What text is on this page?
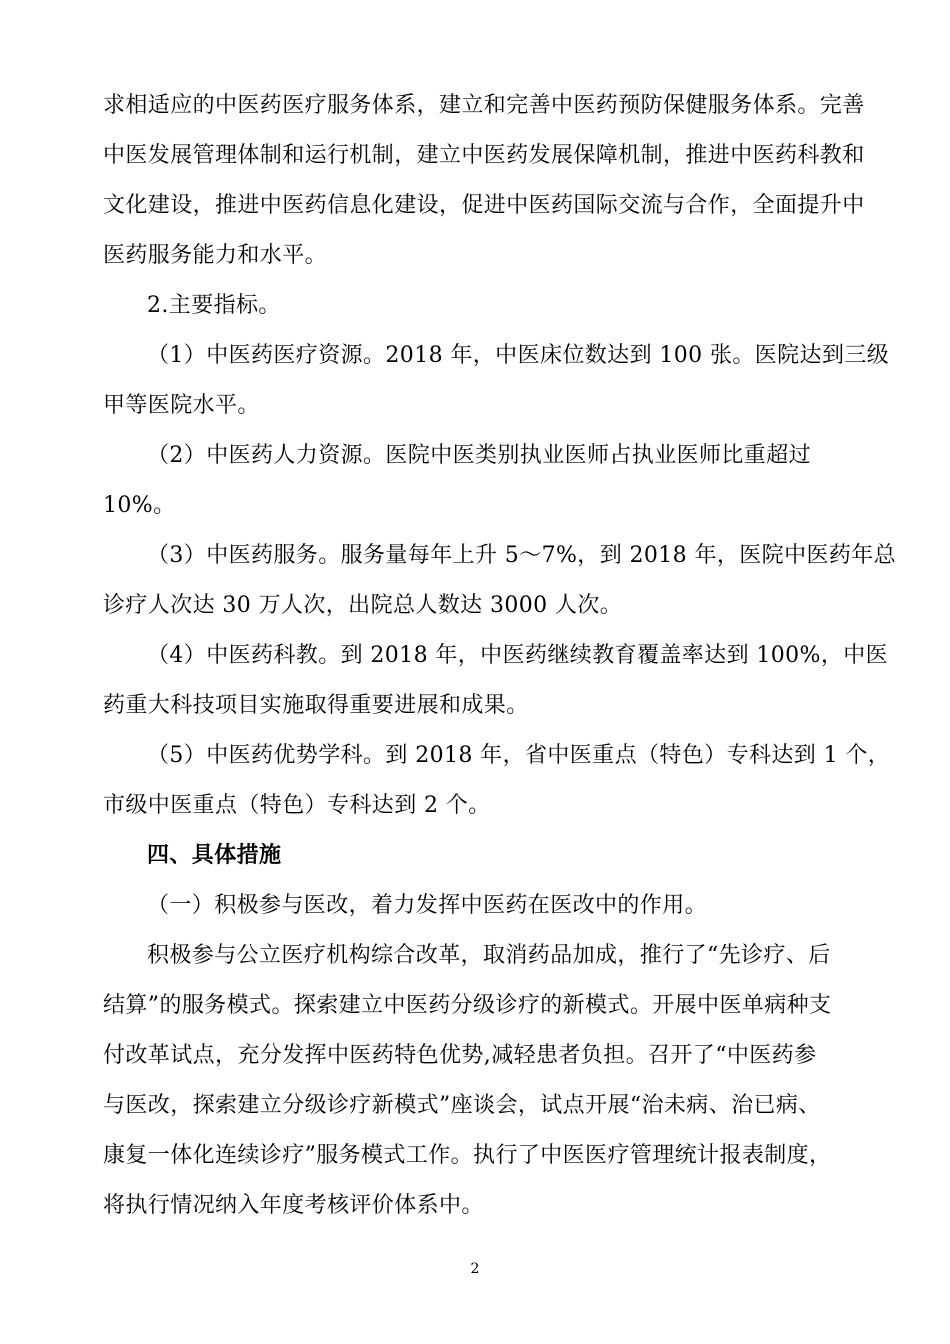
求相适应的中医药医疗服务体系，建立和完善中医药预防保健服务体系。完善
中医发展管理体制和运行机制，建立中医药发展保障机制，推进中医药科教和
文化建设，推进中医药信息化建设，促进中医药国际交流与合作，全面提升中
医药服务能力和水平。
2.主要指标。
（1）中医药医疗资源。2018 年，中医床位数达到 100 张。医院达到三级
甲等医院水平。
（2）中医药人力资源。医院中医类别执业医师占执业医师比重超过
10%。
（3）中医药服务。服务量每年上升 5～7%，到 2018 年，医院中医药年总
诊疗人次达 30 万人次，出院总人数达 3000 人次。
（4）中医药科教。到 2018 年，中医药继续教育覆盖率达到 100%，中医
药重大科技项目实施取得重要进展和成果。
（5）中医药优势学科。到 2018 年，省中医重点（特色）专科达到 1 个，
市级中医重点（特色）专科达到 2 个。
四、具体措施
（一）积极参与医改，着力发挥中医药在医改中的作用。
积极参与公立医疗机构综合改革，取消药品加成，推行了“先诊疗、后
结算”的服务模式。探索建立中医药分级诊疗的新模式。开展中医单病种支
付改革试点，充分发挥中医药特色优势,减轻患者负担。召开了“中医药参
与医改，探索建立分级诊疗新模式”座谈会，试点开展“治未病、治已病、
康复一体化连续诊疗”服务模式工作。执行了中医医疗管理统计报表制度，
将执行情况纳入年度考核评价体系中。
2
